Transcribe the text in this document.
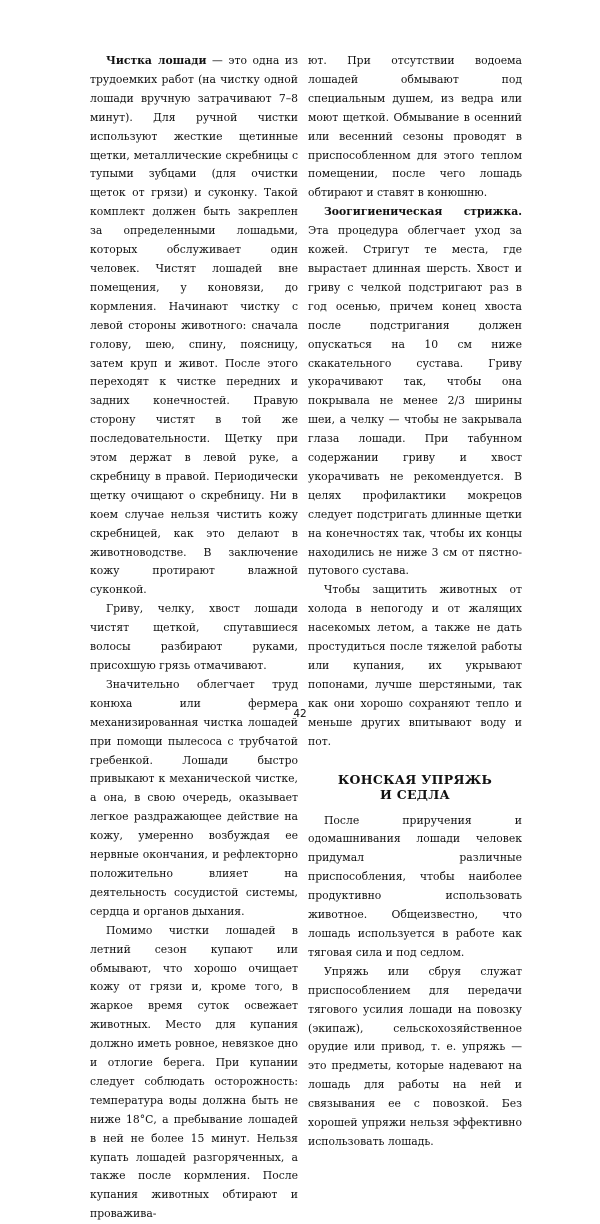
Чистка лошади — это одна из трудоемких работ (на чистку одной лошади вручную затрачивают 7–8 минут). Для ручной чистки используют жесткие щетинные щетки, металлические скребницы с тупыми зубцами (для очистки щеток от грязи) и суконку. Такой комплект должен быть закреплен за определенными лошадьми, которых обслуживает один человек. Чистят лошадей вне помещения, у коновязи, до кормления. Начинают чистку с левой стороны животного: сначала голову, шею, спину, поясницу, затем круп и живот. После этого переходят к чистке передних и задних конечностей. Правую сторону чистят в той же последовательности. Щетку при этом держат в левой руке, а скребницу в правой. Периодически щетку очищают о скребницу. Ни в коем случае нельзя чистить кожу скребницей, как это делают в животноводстве. В заключение кожу протирают влажной суконкой.

Гриву, челку, хвост лошади чистят щеткой, спутавшиеся волосы разбирают руками, присохшую грязь отмачивают.

Значительно облегчает труд конюха или фермера механизированная чистка лошадей при помощи пылесоса с трубчатой гребенкой. Лошади быстро привыкают к механической чистке, а она, в свою очередь, оказывает легкое раздражающее действие на кожу, умеренно возбуждая ее нервные окончания, и рефлекторно положительно влияет на деятельность сосудистой системы, сердца и органов дыхания.

Помимо чистки лошадей в летний сезон купают или обмывают, что хорошо очищает кожу от грязи и, кроме того, в жаркое время суток освежает животных. Место для купания должно иметь ровное, невязкое дно и отлогие берега. При купании следует соблюдать осторожность: температура воды должна быть не ниже 18°С, а пребывание лошадей в ней не более 15 минут. Нельзя купать лошадей разгоряченных, а также после кормления. После купания животных обтирают и проважива-

ют. При отсутствии водоема лошадей обмывают под специальным душем, из ведра или моют щеткой. Обмывание в осенний или весенний сезоны проводят в приспособленном для этого теплом помещении, после чего лошадь обтирают и ставят в конюшню.

Зоогигиеническая стрижка. Эта процедура облегчает уход за кожей. Стригут те места, где вырастает длинная шерсть. Хвост и гриву с челкой подстригают раз в год осенью, причем конец хвоста после подстригания должен опускаться на 10 см ниже скакательного сустава. Гриву укорачивают так, чтобы она покрывала не менее 2/3 ширины шеи, а челку — чтобы не закрывала глаза лошади. При табунном содержании гриву и хвост укорачивать не рекомендуется. В целях профилактики мокрецов следует подстригать длинные щетки на конечностях так, чтобы их концы находились не ниже 3 см от пястно-путового сустава.

Чтобы защитить животных от холода в непогоду и от жалящих насекомых летом, а также не дать простудиться после тяжелой работы или купания, их укрывают попонами, лучше шерстяными, так как они хорошо сохраняют тепло и меньше других впитывают воду и пот.

КОНСКАЯ УПРЯЖЬ
И СЕДЛА

После приручения и одомашнивания лошади человек придумал различные приспособления, чтобы наиболее продуктивно использовать животное. Общеизвестно, что лошадь используется в работе как тяговая сила и под седлом.

Упряжь или сбруя служат приспособлением для передачи тягового усилия лошади на повозку (экипаж), сельскохозяйственное орудие или привод, т. е. упряжь — это предметы, которые надевают на лошадь для работы на ней и связывания ее с повозкой. Без хорошей упряжи нельзя эффективно использовать лошадь.

42
